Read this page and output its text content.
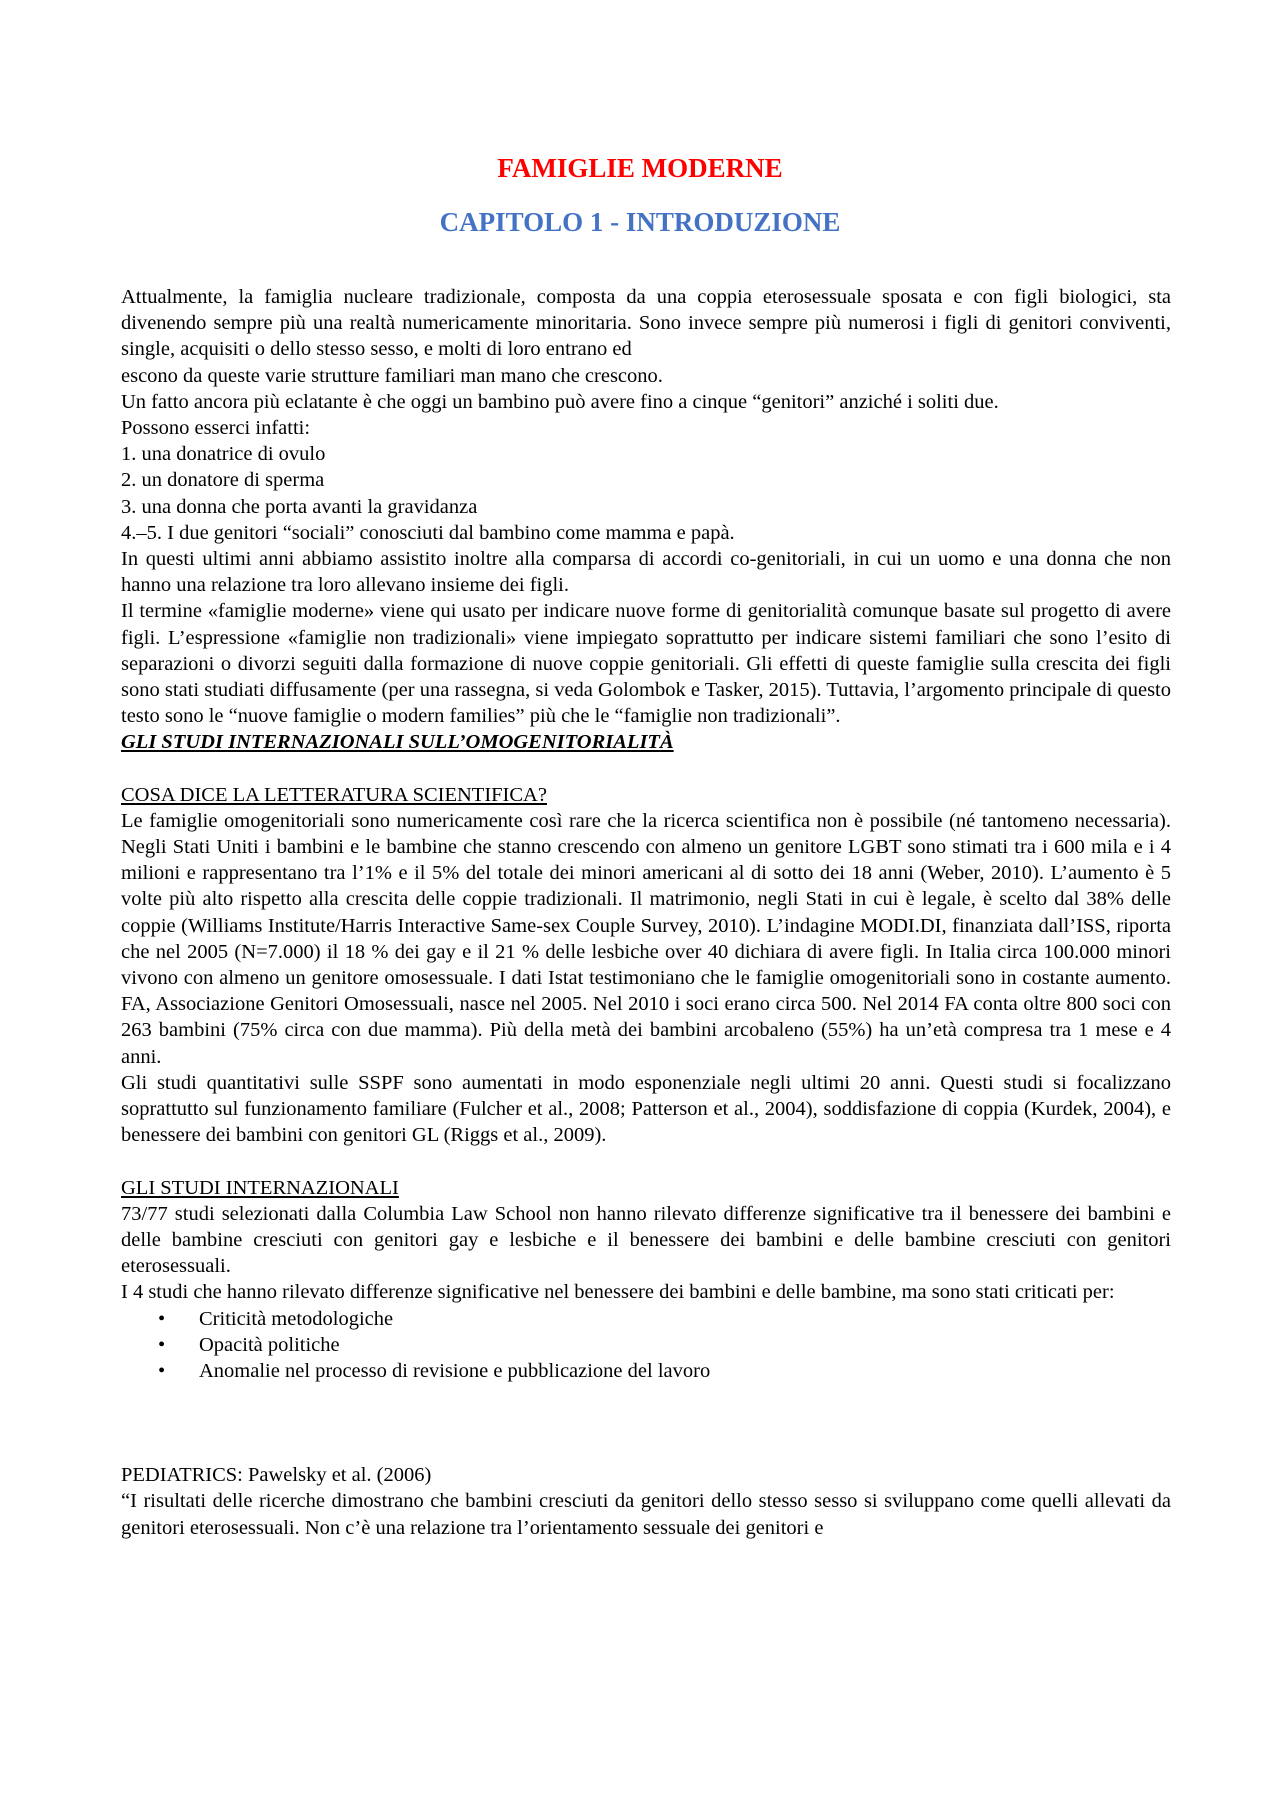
FAMIGLIE MODERNE
CAPITOLO 1 - INTRODUZIONE

Attualmente, la famiglia nucleare tradizionale, composta da una coppia eterosessuale sposata e con figli biologici, sta divenendo sempre più una realtà numericamente minoritaria. Sono invece sempre più numerosi i figli di genitori conviventi, single, acquisiti o dello stesso sesso, e molti di loro entrano ed

escono da queste varie strutture familiari man mano che crescono.

Un fatto ancora più eclatante è che oggi un bambino può avere fino a cinque “genitori” anziché i soliti due.

Possono esserci infatti:

1. una donatrice di ovulo

2. un donatore di sperma

3. una donna che porta avanti la gravidanza

4.–5. I due genitori “sociali” conosciuti dal bambino come mamma e papà.

In questi ultimi anni abbiamo assistito inoltre alla comparsa di accordi co-genitoriali, in cui un uomo e una donna che non hanno una relazione tra loro allevano insieme dei figli.

Il termine «famiglie moderne» viene qui usato per indicare nuove forme di genitorialità comunque basate sul progetto di avere figli. L’espressione «famiglie non tradizionali» viene impiegato soprattutto per indicare sistemi familiari che sono l’esito di separazioni o divorzi seguiti dalla formazione di nuove coppie genitoriali. Gli effetti di queste famiglie sulla crescita dei figli sono stati studiati diffusamente (per una rassegna, si veda Golombok e Tasker, 2015). Tuttavia, l’argomento principale di questo testo sono le “nuove famiglie o modern families” più che le “famiglie non tradizionali”.

GLI STUDI INTERNAZIONALI SULL’OMOGENITORIALITÀ

COSA DICE LA LETTERATURA SCIENTIFICA?

Le famiglie omogenitoriali sono numericamente così rare che la ricerca scientifica non è possibile (né tantomeno necessaria). Negli Stati Uniti i bambini e le bambine che stanno crescendo con almeno un genitore LGBT sono stimati tra i 600 mila e i 4 milioni e rappresentano tra l’1% e il 5% del totale dei minori americani al di sotto dei 18 anni (Weber, 2010). L’aumento è 5 volte più alto rispetto alla crescita delle coppie tradizionali. Il matrimonio, negli Stati in cui è legale, è scelto dal 38% delle coppie (Williams Institute/Harris Interactive Same-sex Couple Survey, 2010). L’indagine MODI.DI, finanziata dall’ISS, riporta che nel 2005 (N=7.000) il 18 % dei gay e il 21 % delle lesbiche over 40 dichiara di avere figli. In Italia circa 100.000 minori vivono con almeno un genitore omosessuale. I dati Istat testimoniano che le famiglie omogenitoriali sono in costante aumento. FA, Associazione Genitori Omosessuali, nasce nel 2005. Nel 2010 i soci erano circa 500. Nel 2014 FA conta oltre 800 soci con 263 bambini (75% circa con due mamma). Più della metà dei bambini arcobaleno (55%) ha un’età compresa tra 1 mese e 4 anni.

Gli studi quantitativi sulle SSPF sono aumentati in modo esponenziale negli ultimi 20 anni. Questi studi si focalizzano soprattutto sul funzionamento familiare (Fulcher et al., 2008; Patterson et al., 2004), soddisfazione di coppia (Kurdek, 2004), e benessere dei bambini con genitori GL (Riggs et al., 2009).

GLI STUDI INTERNAZIONALI

73/77 studi selezionati dalla Columbia Law School non hanno rilevato differenze significative tra il benessere dei bambini e delle bambine cresciuti con genitori gay e lesbiche e il benessere dei bambini e delle bambine cresciuti con genitori eterosessuali.

I 4 studi che hanno rilevato differenze significative nel benessere dei bambini e delle bambine, ma sono stati criticati per:

• Criticità metodologiche
• Opacità politiche
• Anomalie nel processo di revisione e pubblicazione del lavoro

PEDIATRICS: Pawelsky et al. (2006)

“I risultati delle ricerche dimostrano che bambini cresciuti da genitori dello stesso sesso si sviluppano come quelli allevati da genitori eterosessuali. Non c’è una relazione tra l’orientamento sessuale dei genitori e
